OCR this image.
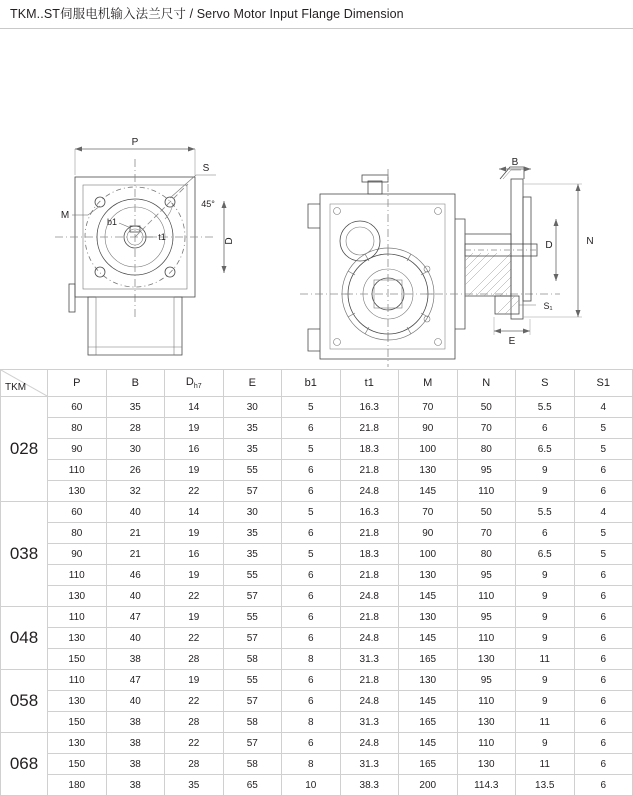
TKM..ST伺服电机输入法兰尺寸 / Servo Motor Input Flange Dimension
P
S
M
b1
t1
45°
D
B
N
D
S₁
E
TKM	P	B	$D_{h7}$	E	b1	t1	M	N	S	S1
028	60	35	14	30	5	16.3	70	50	5.5	4
	80	28	19	35	6	21.8	90	70	6	5
	90	30	16	35	5	18.3	100	80	6.5	5
	110	26	19	55	6	21.8	130	95	9	6
	130	32	22	57	6	24.8	145	110	9	6
038	60	40	14	30	5	16.3	70	50	5.5	4
	80	21	19	35	6	21.8	90	70	6	5
	90	21	16	35	5	18.3	100	80	6.5	5
	110	46	19	55	6	21.8	130	95	9	6
	130	40	22	57	6	24.8	145	110	9	6
048	110	47	19	55	6	21.8	130	95	9	6
	130	40	22	57	6	24.8	145	110	9	6
	150	38	28	58	8	31.3	165	130	11	6
058	110	47	19	55	6	21.8	130	95	9	6
	130	40	22	57	6	24.8	145	110	9	6
	150	38	28	58	8	31.3	165	130	11	6
068	130	38	22	57	6	24.8	145	110	9	6
	150	38	28	58	8	31.3	165	130	11	6
	180	38	35	65	10	38.3	200	114.3	13.5	6
